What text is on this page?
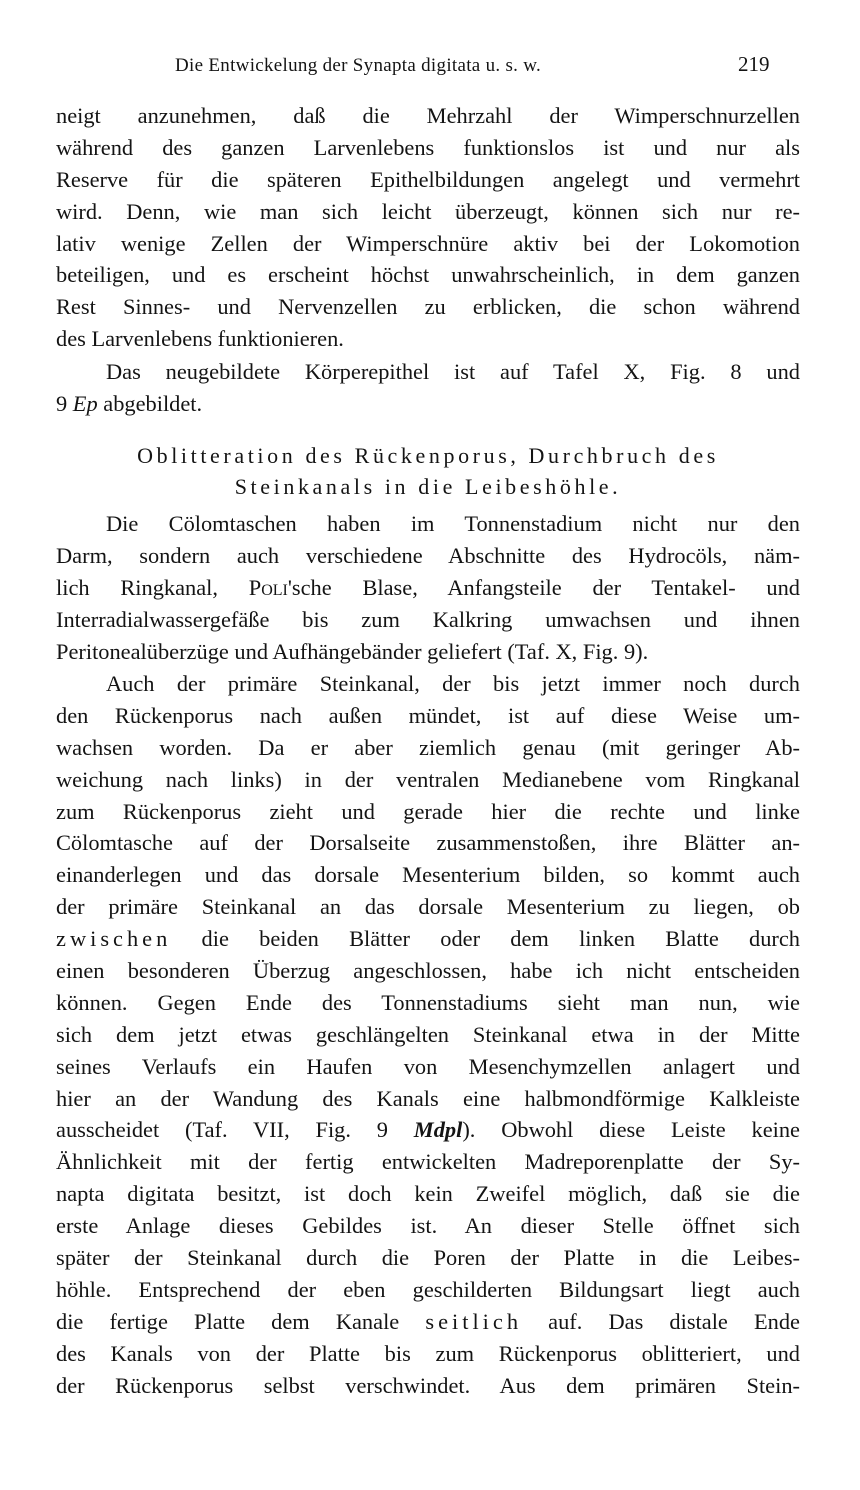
Die Entwickelung der Synapta digitata u. s. w.	219
neigt anzunehmen, daß die Mehrzahl der Wimperschnurzellen
während des ganzen Larvenlebens funktionslos ist und nur als
Reserve für die späteren Epithelbildungen angelegt und vermehrt
wird. Denn, wie man sich leicht überzeugt, können sich nur re-
lativ wenige Zellen der Wimperschnüre aktiv bei der Lokomotion
beteiligen, und es erscheint höchst unwahrscheinlich, in dem ganzen
Rest Sinnes- und Nervenzellen zu erblicken, die schon während
des Larvenlebens funktionieren.
Das neugebildete Körperepithel ist auf Tafel X, Fig. 8 und
9 Ep abgebildet.
Oblitteration des Rückenporus, Durchbruch des
Steinkanals in die Leibeshöhle.
Die Cölomtaschen haben im Tonnenstadium nicht nur den
Darm, sondern auch verschiedene Abschnitte des Hydrocöls, näm-
lich Ringkanal, Poli'sche Blase, Anfangsteile der Tentakel- und
Interradialwassergefäße bis zum Kalkring umwachsen und ihnen
Peritonealüberzüge und Aufhängebänder geliefert (Taf. X, Fig. 9).
Auch der primäre Steinkanal, der bis jetzt immer noch durch
den Rückenporus nach außen mündet, ist auf diese Weise um-
wachsen worden. Da er aber ziemlich genau (mit geringer Ab-
weichung nach links) in der ventralen Medianebene vom Ringkanal
zum Rückenporus zieht und gerade hier die rechte und linke
Cölomtasche auf der Dorsalseite zusammenstoßen, ihre Blätter an-
einanderlegen und das dorsale Mesenterium bilden, so kommt auch
der primäre Steinkanal an das dorsale Mesenterium zu liegen, ob
zwischen die beiden Blätter oder dem linken Blatte durch
einen besonderen Überzug angeschlossen, habe ich nicht entscheiden
können. Gegen Ende des Tonnenstadiums sieht man nun, wie
sich dem jetzt etwas geschlängelten Steinkanal etwa in der Mitte
seines Verlaufs ein Haufen von Mesenchymzellen anlagert und
hier an der Wandung des Kanals eine halbmondförmige Kalkleiste
ausscheidet (Taf. VII, Fig. 9 Mdpl). Obwohl diese Leiste keine
Ähnlichkeit mit der fertig entwickelten Madreporenplatte der Sy-
napta digitata besitzt, ist doch kein Zweifel möglich, daß sie die
erste Anlage dieses Gebildes ist. An dieser Stelle öffnet sich
später der Steinkanal durch die Poren der Platte in die Leibes-
höhle. Entsprechend der eben geschilderten Bildungsart liegt auch
die fertige Platte dem Kanale seitlich auf. Das distale Ende
des Kanals von der Platte bis zum Rückenporus oblitteriert, und
der Rückenporus selbst verschwindet. Aus dem primären Stein-
